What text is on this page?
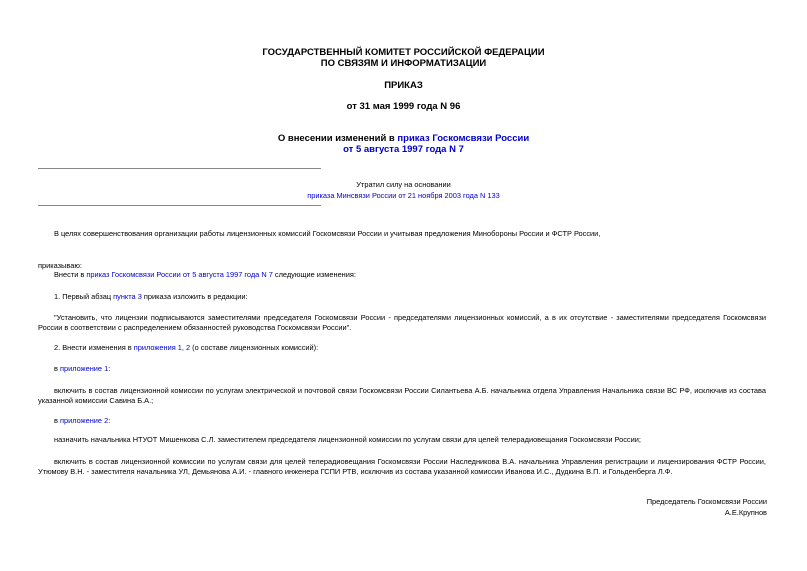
ГОСУДАРСТВЕННЫЙ КОМИТЕТ РОССИЙСКОЙ ФЕДЕРАЦИИ
ПО СВЯЗЯМ И ИНФОРМАТИЗАЦИИ
ПРИКАЗ
от 31 мая 1999 года N 96
О внесении изменений в приказ Госкомсвязи России
от 5 августа 1997 года N 7
Утратил силу на основании
приказа Минсвязи России от 21 ноября 2003 года N 133
В целях совершенствования организации работы лицензионных комиссий Госкомсвязи России и учитывая предложения Минобороны России и ФСТР России,
приказываю:
Внести в приказ Госкомсвязи России от 5 августа 1997 года N 7 следующие изменения:
1. Первый абзац пункта 3 приказа изложить в редакции:
"Установить, что лицензии подписываются заместителями председателя Госкомсвязи России - председателями лицензионных комиссий, а в их отсутствие - заместителями председателя Госкомсвязи России в соответствии с распределением обязанностей руководства Госкомсвязи России".
2. Внести изменения в приложения 1, 2 (о составе лицензионных комиссий):
в приложение 1:
включить в состав лицензионной комиссии по услугам электрической и почтовой связи Госкомсвязи России Силантьева А.Б. начальника отдела Управления Начальника связи ВС РФ, исключив из состава указанной комиссии Савина Б.А.;
в приложение 2:
назначить начальника НТУОТ Мишенкова С.Л. заместителем председателя лицензионной комиссии по услугам связи для целей телерадиовещания Госкомсвязи России;
включить в состав лицензионной комиссии по услугам связи для целей телерадиовещания Госкомсвязи России Наследникова В.А. начальника Управления регистрации и лицензирования ФСТР России, Утюмову В.Н. - заместителя начальника УЛ, Демьянова А.И. - главного инженера ГСПИ РТВ, исключив из состава указанной комиссии Иванова И.С., Дудкина В.П. и Гольденберга Л.Ф.
Председатель Госкомсвязи России
А.Е.Крупнов
